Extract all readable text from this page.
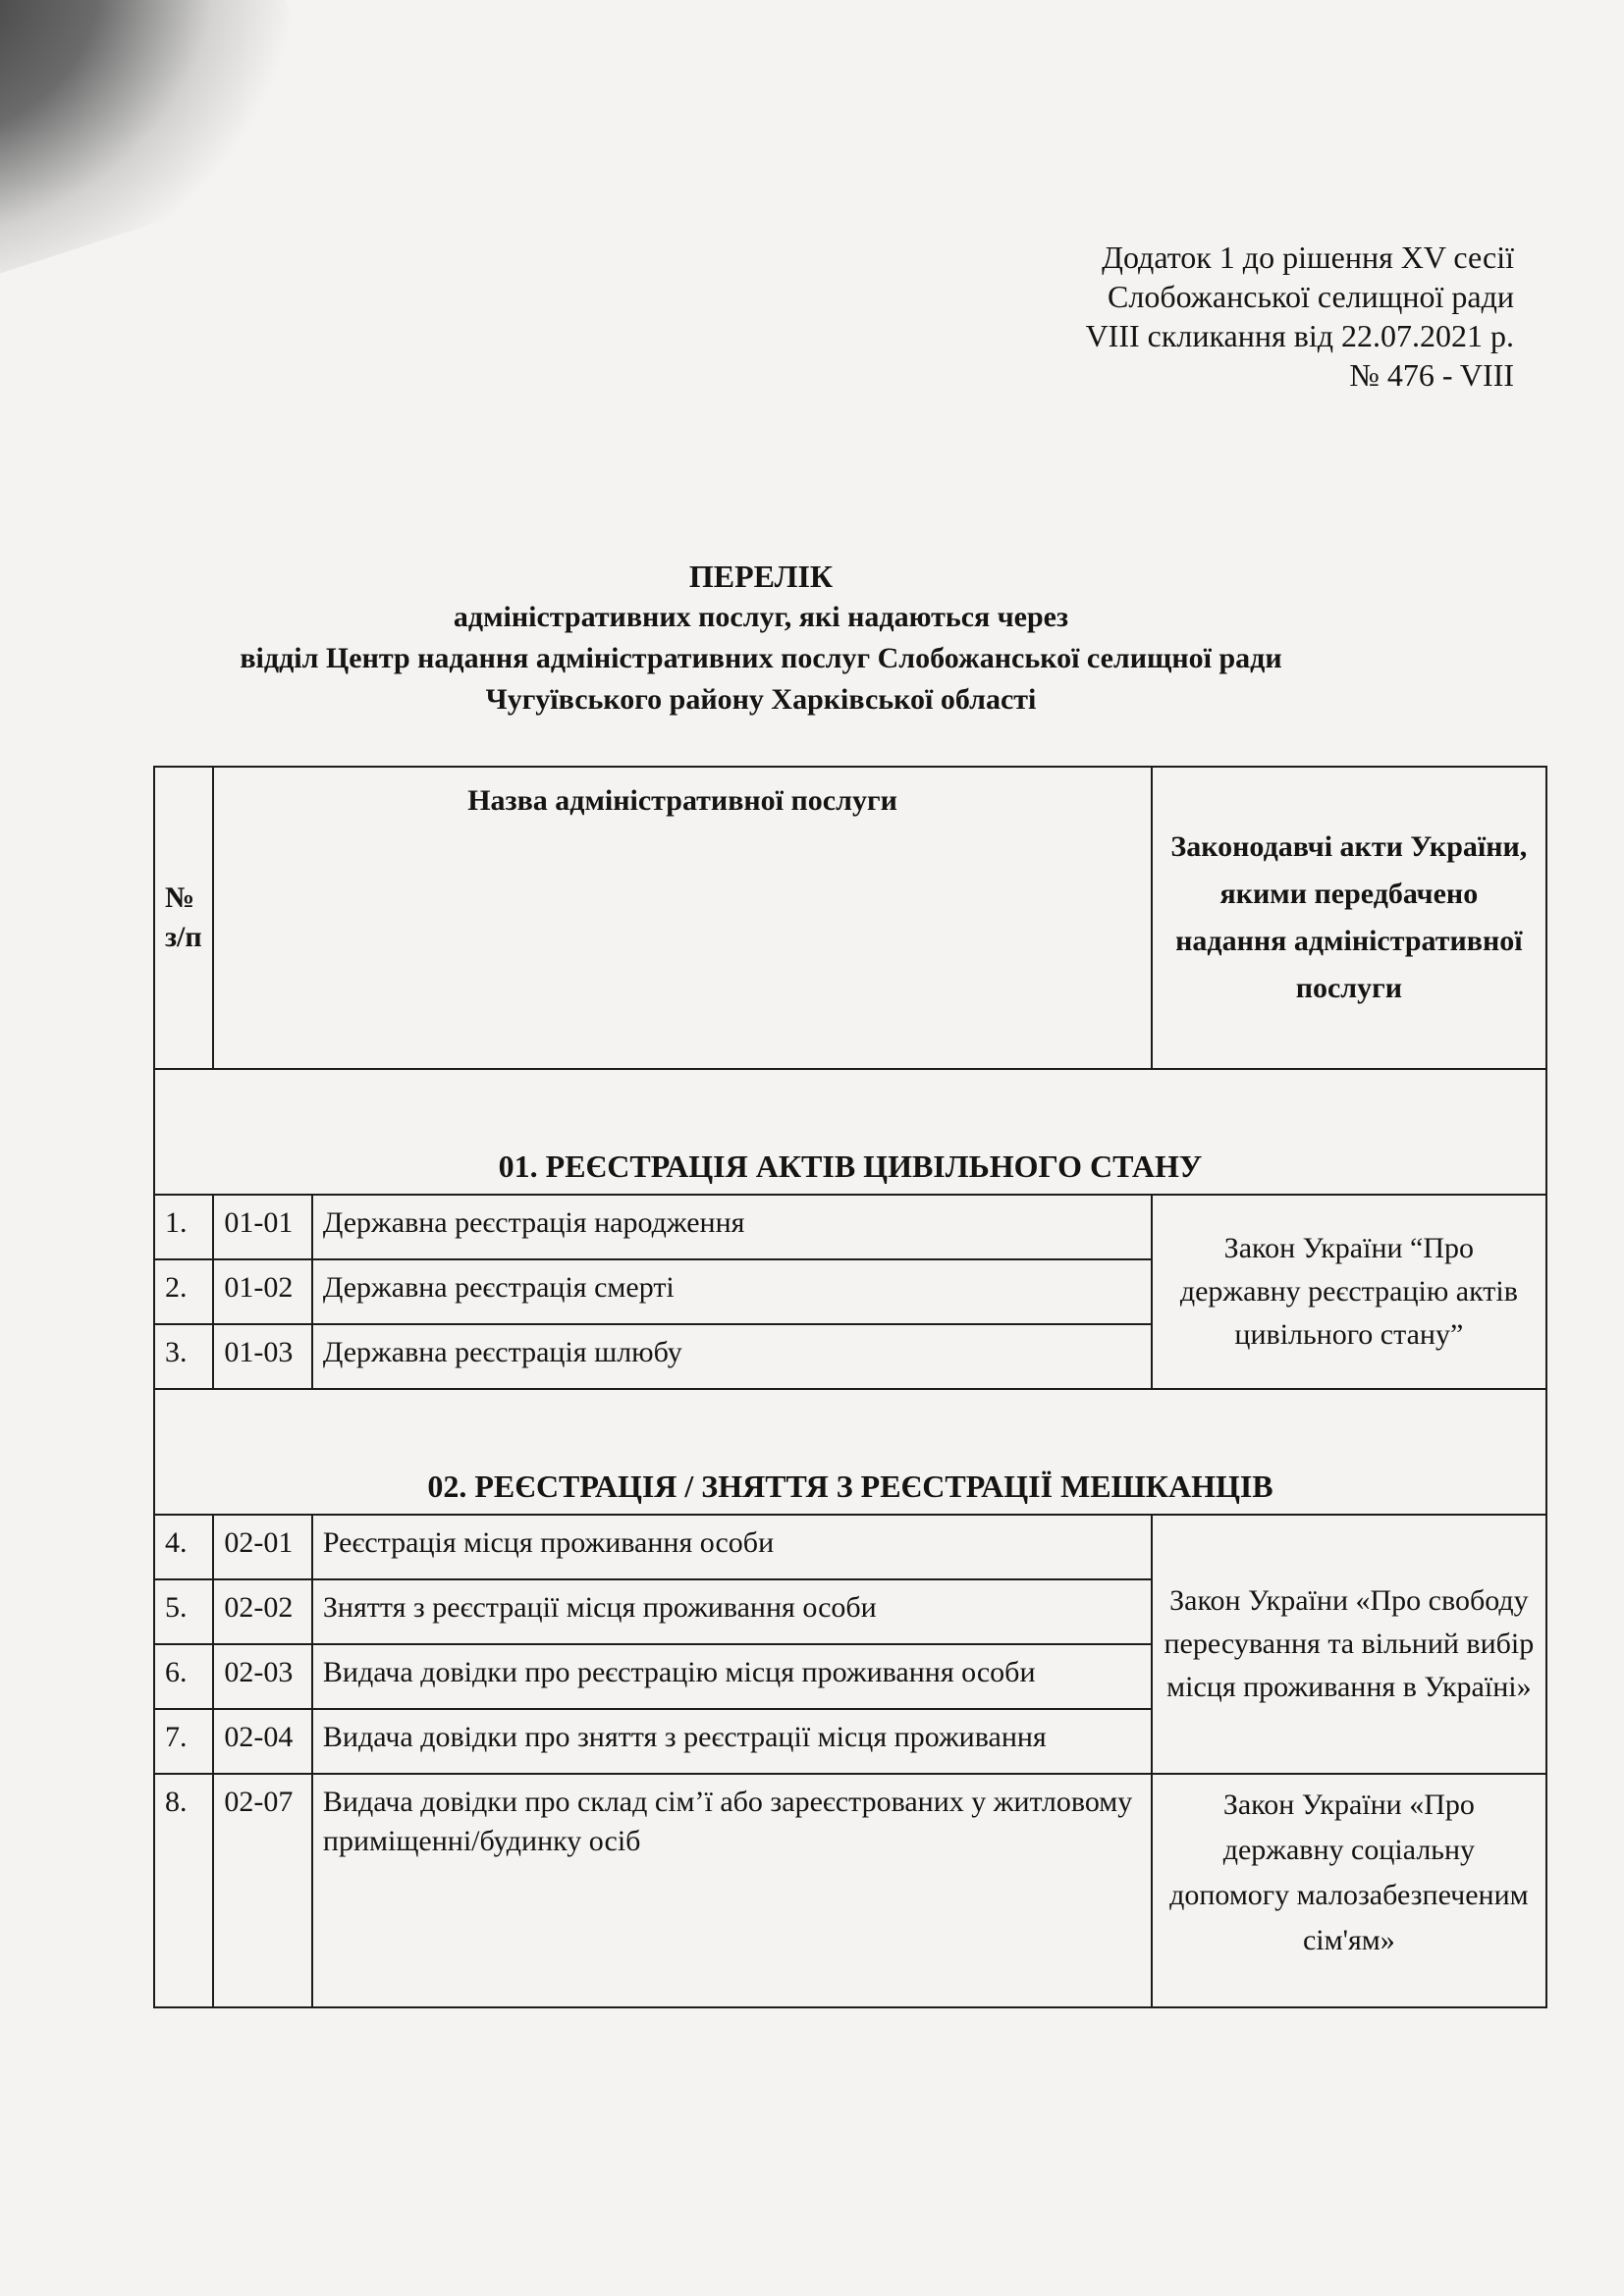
Додаток 1 до рішення XV сесії
Слобожанської селищної ради
VIII скликання від 22.07.2021 р.
№ 476 - VIII
ПЕРЕЛІК
адміністративних послуг, які надаються через
відділ Центр надання адміністративних послуг Слобожанської селищної ради
Чугуївського району Харківської області
№ з/п	Назва адміністративної послуги		Законодавчі акти України, якими передбачено надання адміністративної послуги
01. РЕЄСТРАЦІЯ АКТІВ ЦИВІЛЬНОГО СТАНУ			
1.	01-01	Державна реєстрація народження	Закон України “Про державну реєстрацію актів цивільного стану”
2.	01-02	Державна реєстрація смерті	
3.	01-03	Державна реєстрація шлюбу	
02. РЕЄСТРАЦІЯ / ЗНЯТТЯ З РЕЄСТРАЦІЇ МЕШКАНЦІВ			
4.	02-01	Реєстрація місця проживання особи	Закон України «Про свободу пересування та вільний вибір місця проживання в Україні»
5.	02-02	Зняття з реєстрації місця проживання особи	
6.	02-03	Видача довідки про реєстрацію місця проживання особи	
7.	02-04	Видача довідки про зняття з реєстрації місця проживання	
8.	02-07	Видача довідки про склад сім’ї або зареєстрованих у житловому приміщенні/будинку осіб	Закон України «Про державну соціальну допомогу малозабезпеченим сім'ям»
